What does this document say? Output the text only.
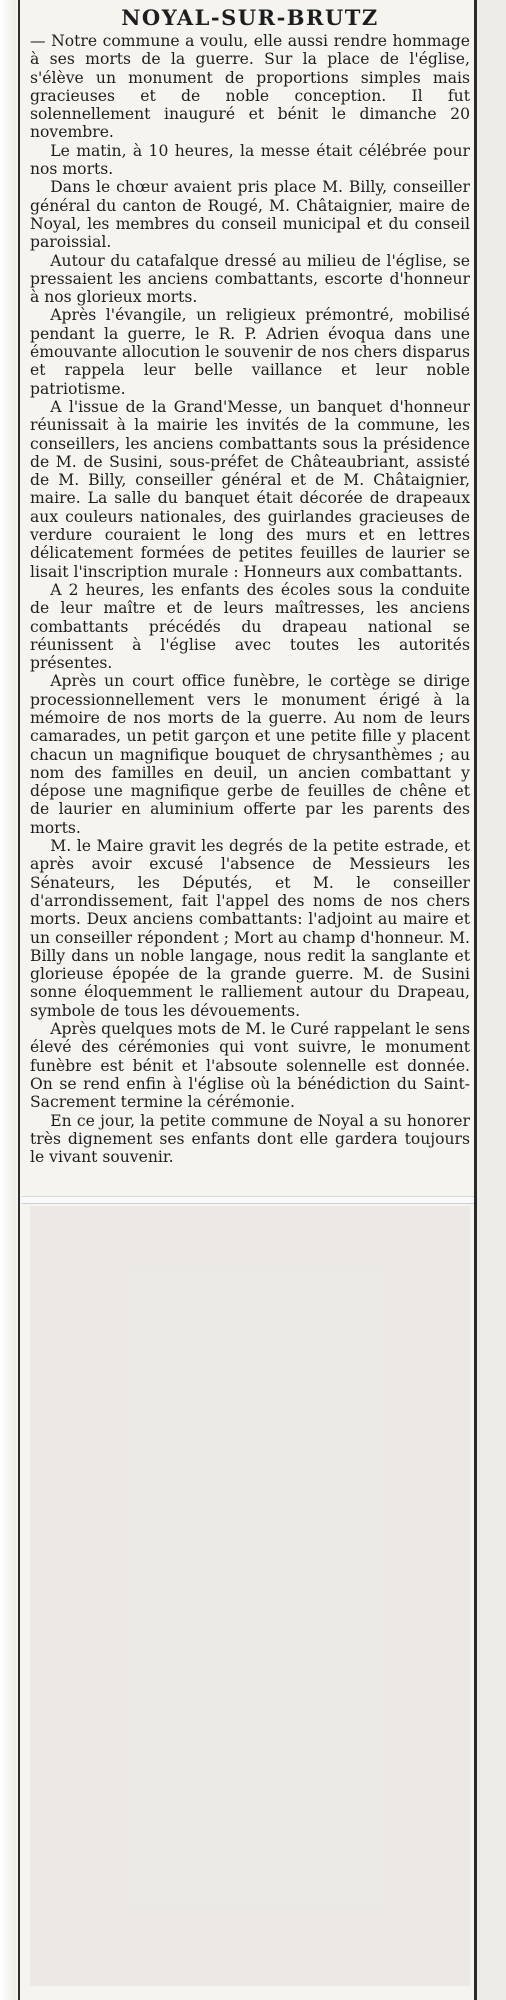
NOYAL-SUR-BRUTZ

— Notre commune a voulu, elle aussi rendre hommage à ses morts de la guerre. Sur la place de l'église, s'élève un monument de proportions simples mais gracieuses et de noble conception. Il fut solennellement inauguré et bénit le dimanche 20 novembre.

Le matin, à 10 heures, la messe était célébrée pour nos morts.

Dans le chœur avaient pris place M. Billy, conseiller général du canton de Rougé, M. Châtaignier, maire de Noyal, les membres du conseil municipal et du conseil paroissial.

Autour du catafalque dressé au milieu de l'église, se pressaient les anciens combattants, escorte d'honneur à nos glorieux morts.

Après l'évangile, un religieux prémontré, mobilisé pendant la guerre, le R. P. Adrien évoqua dans une émouvante allocution le souvenir de nos chers disparus et rappela leur belle vaillance et leur noble patriotisme.

A l'issue de la Grand'Messe, un banquet d'honneur réunissait à la mairie les invités de la commune, les conseillers, les anciens combattants sous la présidence de M. de Susini, sous-préfet de Châteaubriant, assisté de M. Billy, conseiller général et de M. Châtaignier, maire. La salle du banquet était décorée de drapeaux aux couleurs nationales, des guirlandes gracieuses de verdure couraient le long des murs et en lettres délicatement formées de petites feuilles de laurier se lisait l'inscription murale : Honneurs aux combattants.

A 2 heures, les enfants des écoles sous la conduite de leur maître et de leurs maîtresses, les anciens combattants précédés du drapeau national se réunissent à l'église avec toutes les autorités présentes.

Après un court office funèbre, le cortège se dirige processionnellement vers le monument érigé à la mémoire de nos morts de la guerre. Au nom de leurs camarades, un petit garçon et une petite fille y placent chacun un magnifique bouquet de chrysanthèmes ; au nom des familles en deuil, un ancien combattant y dépose une magnifique gerbe de feuilles de chêne et de laurier en aluminium offerte par les parents des morts.

M. le Maire gravit les degrés de la petite estrade, et après avoir excusé l'absence de Messieurs les Sénateurs, les Députés, et M. le conseiller d'arrondissement, fait l'appel des noms de nos chers morts. Deux anciens combattants: l'adjoint au maire et un conseiller répondent ; Mort au champ d'honneur. M. Billy dans un noble langage, nous redit la sanglante et glorieuse épopée de la grande guerre. M. de Susini sonne éloquemment le ralliement autour du Drapeau, symbole de tous les dévouements.

Après quelques mots de M. le Curé rappelant le sens élevé des cérémonies qui vont suivre, le monument funèbre est bénit et l'absoute solennelle est donnée. On se rend enfin à l'église où la bénédiction du Saint-Sacrement termine la cérémonie.

En ce jour, la petite commune de Noyal a su honorer très dignement ses enfants dont elle gardera toujours le vivant souvenir.
